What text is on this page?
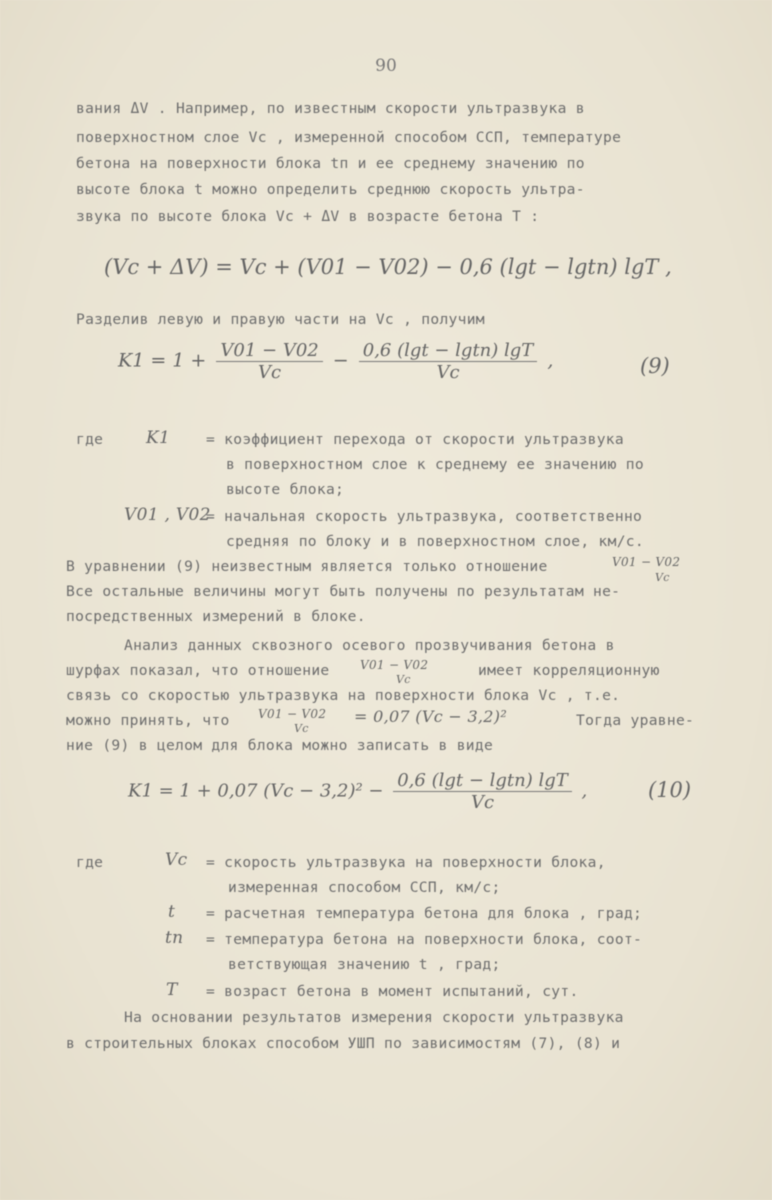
90
вания ΔV . Например, по известным скорости ультразвука в
поверхностном слое Vc , измеренной способом ССП, температуре
бетона на поверхности блока tп и ее среднему значению по
высоте блока t можно определить среднюю скорость ультра-
звука по высоте блока Vc + ΔV в возрасте бетона Т :
(Vc + ΔV) = Vc + (V01 − V02) − 0,6 (lgt − lgtп) lgT ,
Разделив левую и правую части на Vc , получим
$K1 = 1 + \frac{V01 - V02}{Vc} - \frac{0,6 (\lg t - \lg tп) \lg T}{Vc}$ ,	(9)
где	K1 = коэффициент перехода от скорости ультразвука
в поверхностном слое к среднему ее значению по
высоте блока;
V01 , V02
= начальная скорость ультразвука, соответственно
средняя по блоку и в поверхностном слое, км/с.
В уравнении (9) неизвестным является только отношение	V01 − V02
Vc
Все остальные величины могут быть получены по результатам не-
посредственных измерений в блоке.
Анализ данных сквозного осевого прозвучивания бетона в
шурфах показал, что отношение	V01 − V02
Vc
имеет корреляционную
связь со скоростью ультразвука на поверхности блока Vc , т.е.
можно принять, что V01 − V02
Vc
= 0,07 (Vc − 3,2)²	Тогда уравне-
ние (9) в целом для блока можно записать в виде
K1 = 1 + 0,07 $(Vc - 3,2)^2 - \frac{0,6 (\lg t - \lg tп) \lg T}{Vc}$ ,	(10)
где	Vc = скорость ультразвука на поверхности блока,
измеренная способом ССП, км/с;
t = расчетная температура бетона для блока , град;
tп = температура бетона на поверхности блока, соот-
ветствующая значению t , град;
T = возраст бетона в момент испытаний, сут.
На основании результатов измерения скорости ультразвука
в строительных блоках способом УШП по зависимостям (7), (8) и
